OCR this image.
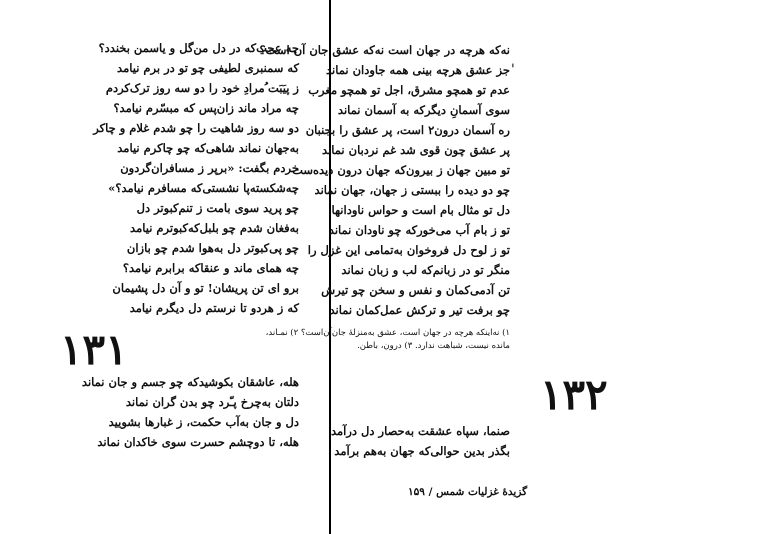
چه عجب‌که در دل من‌گل و یاسمن بخندد؟
که سمنبری لطیفی چو تو در برم نیامد
ز پیَبَت ُمرادِ خود را دو سه روز ترک‌کردم
چه مراد ماند زان‌پس که مبسّرم نیامد؟
دو سه روز شاهیت را چو شدم غلام و چاکر
به‌جهان نماند شاهی‌که چو چاکرم نیامد
خردم بگفت: «برپر ز مسافران‌گردون
چه‌شکسته‌پا نشستی‌که مسافرم نیامد؟»
چو پرید سوی بامت ز تنم‌کبوتر دل
به‌فغان شدم چو بلبل‌که‌کبوترم نیامد
چو پی‌کبوتر دل به‌هوا شدم چو بازان
چه همای ماند و عنقا‌که برابرم نیامد؟
برو ای تن پریشان! تو و آن دل پشیمان
که ز هردو تا نرستم دل دیگرم نیامد
۱۳۱
هله، عاشقان بکوشیدکه چو جسم و جان نماند
دلتان به‌چرخ پـّرد چو بدن گران نماند
دل و جان به‌آب حکمت، ز غبارها بشویید
هله، تا دوچشم حسرت سوی خاکدان نماند
نه‌که هرچه در جهان است نه‌که عشق جان آن است؟
ٰجز عشق هرچه بینی همه جاودان نماند
عدم تو همچو مشرق، اجل تو همچو مغرب
سوی آسمانِ دیگرکه به آسمان نماند
ره آسمان درون۲ است، پر عشق را بجنبان
پر عشق چون قوی شد غم نردبان نماند
تو مبین جهان ز بیرون‌که جهان درون دیده‌ست
چو دو دیده را ببستی ز جهان، جهان نماند
دل تو مثال بام است و حواس ناودانها
تو ز بام آب می‌خورکه چو ناودان نماند
تو ز لوح دل فروخوان به‌تمامی این غزل را
منگر تو در زبانم‌که لب و زبان نماند
تن آدمی‌کمان و نفس و سخن چو تیرش
چو برفت تیر و ترکش عمل‌کمان نماند
۱) نه‌اینکه هرچه در جهان است، عشق به‌منزلهٔ جان‌آن‌است؟ ۲) نمـاند،
مانده نیست، شباهت ندارد. ۳) درون، باطن.
۱۳۲
صنما، سپاه عشقت به‌حصار دل درآمد
بگذر بدین حوالی‌که جهان به‌هم برآمد
گزیدهٔ غزلیات شمس / ۱۵۹
